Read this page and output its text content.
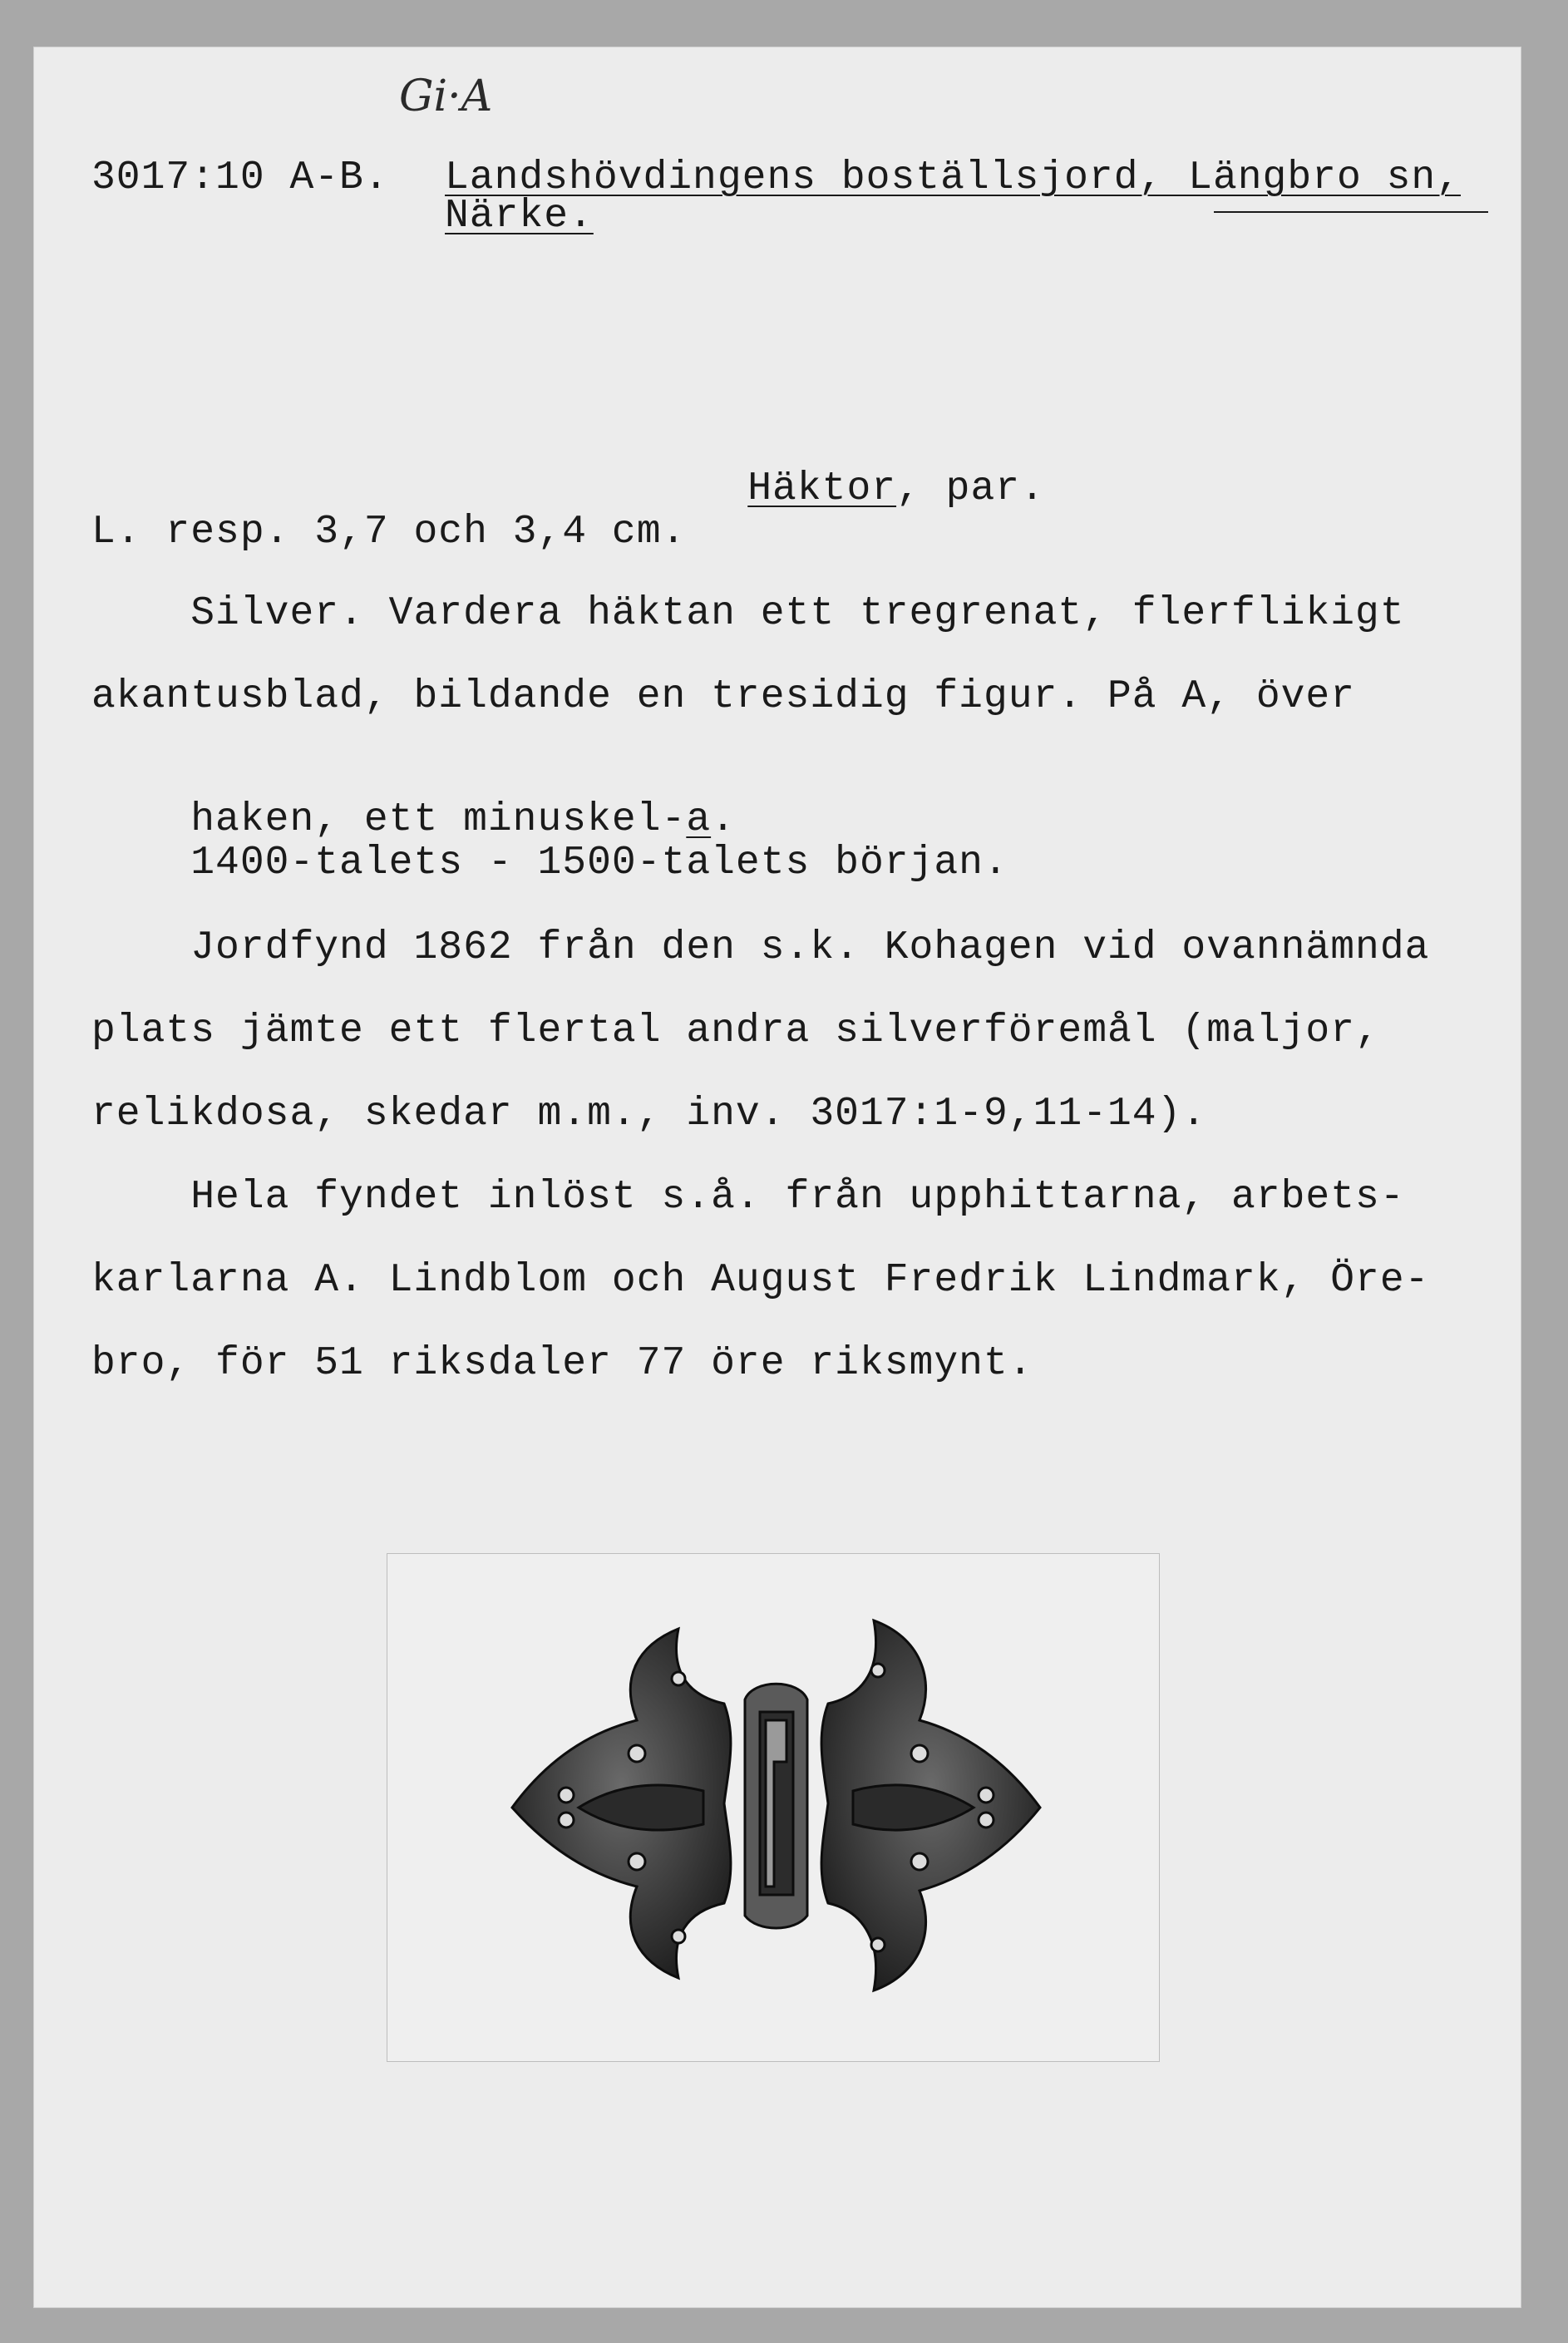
Gi·A
3017:10 A-B. Landshövdingens boställsjord, Längbro sn,
Närke.

Häktor, par.

L. resp. 3,7 och 3,4 cm.
Silver. Vardera häktan ett tregrenat, flerflikigt
akantusblad, bildande en tresidig figur. På A, över

haken, ett minuskel-a.

1400-talets - 1500-talets början.
Jordfynd 1862 från den s.k. Kohagen vid ovannämnda
plats jämte ett flertal andra silverföremål (maljor,
relikdosa, skedar m.m., inv. 3017:1-9,11-14).
Hela fyndet inlöst s.å. från upphittarna, arbets-
karlarna A. Lindblom och August Fredrik Lindmark, Öre-
bro, för 51 riksdaler 77 öre riksmynt.
